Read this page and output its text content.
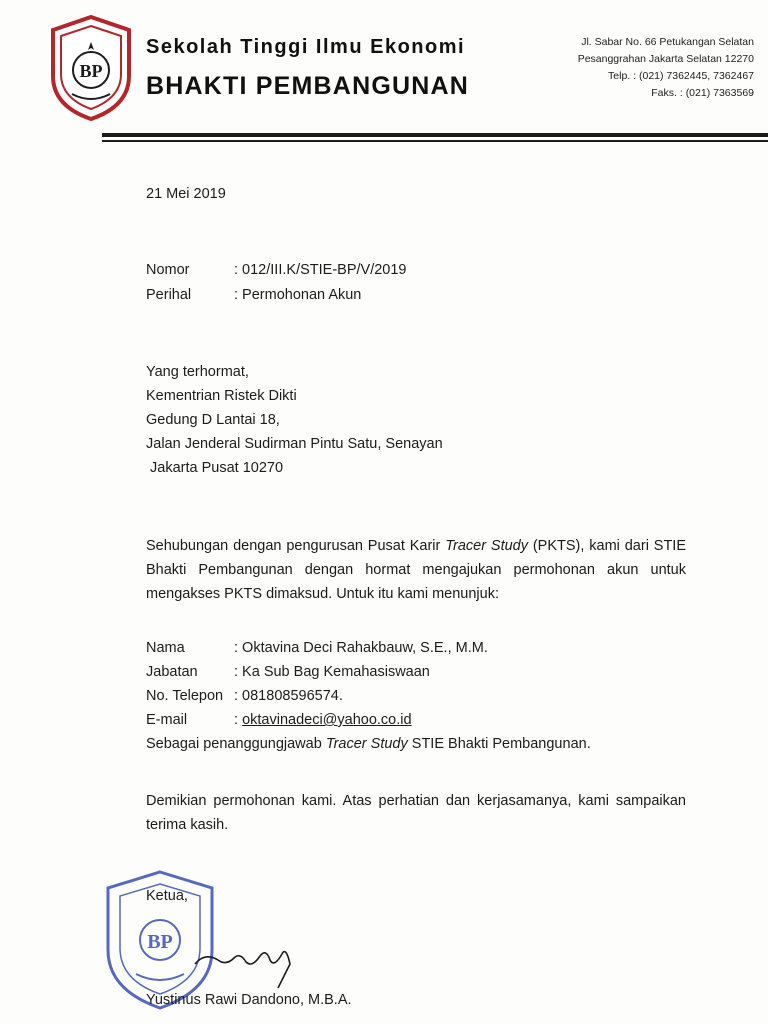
BP
Sekolah Tinggi Ilmu Ekonomi
BHAKTI PEMBANGUNAN
Jl. Sabar No. 66 Petukangan Selatan
Pesanggrahan Jakarta Selatan 12270
Telp. : (021) 7362445, 7362467
Faks. : (021) 7363569
21 Mei 2019
Nomor	: 012/III.K/STIE-BP/V/2019
Perihal	: Permohonan Akun
Yang terhormat,
Kementrian Ristek Dikti
Gedung D Lantai 18,
Jalan Jenderal Sudirman Pintu Satu, Senayan
Jakarta Pusat 10270
Sehubungan dengan pengurusan Pusat Karir Tracer Study (PKTS), kami dari STIE Bhakti Pembangunan dengan hormat mengajukan permohonan akun untuk mengakses PKTS dimaksud. Untuk itu kami menunjuk:
Nama	: Oktavina Deci Rahakbauw, S.E., M.M.
Jabatan	: Ka Sub Bag Kemahasiswaan
No. Telepon : 081808596574.
E-mail	: oktavinadeci@yahoo.co.id
Sebagai penanggungjawab Tracer Study STIE Bhakti Pembangunan.
Demikian permohonan kami. Atas perhatian dan kerjasamanya, kami sampaikan terima kasih.
BP
Ketua,
Yustinus Rawi Dandono, M.B.A.
